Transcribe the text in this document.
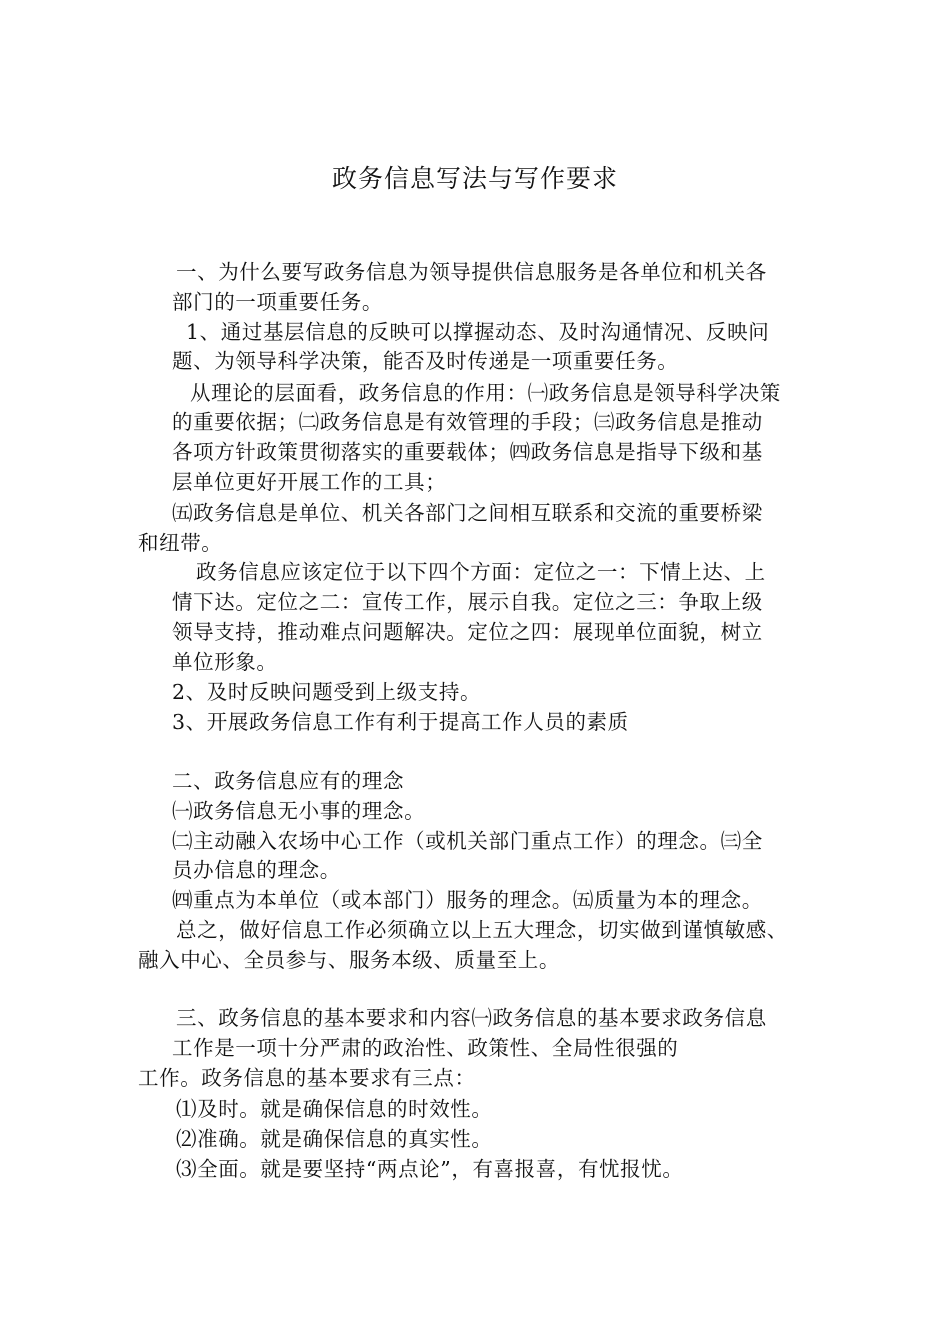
政务信息写法与写作要求
一、为什么要写政务信息为领导提供信息服务是各单位和机关各
部门的一项重要任务。
1、通过基层信息的反映可以撑握动态、及时沟通情况、反映问
题、为领导科学决策，能否及时传递是一项重要任务。
从理论的层面看，政务信息的作用：㈠政务信息是领导科学决策
的重要依据；㈡政务信息是有效管理的手段；㈢政务信息是推动
各项方针政策贯彻落实的重要载体；㈣政务信息是指导下级和基
层单位更好开展工作的工具；
㈤政务信息是单位、机关各部门之间相互联系和交流的重要桥梁
和纽带。
政务信息应该定位于以下四个方面：定位之一：下情上达、上
情下达。定位之二：宣传工作，展示自我。定位之三：争取上级
领导支持，推动难点问题解决。定位之四：展现单位面貌，树立
单位形象。
2、及时反映问题受到上级支持。
3、开展政务信息工作有利于提高工作人员的素质
二、政务信息应有的理念
㈠政务信息无小事的理念。
㈡主动融入农场中心工作（或机关部门重点工作）的理念。㈢全
员办信息的理念。
㈣重点为本单位（或本部门）服务的理念。㈤质量为本的理念。
总之，做好信息工作必须确立以上五大理念，切实做到谨慎敏感、
融入中心、全员参与、服务本级、质量至上。
三、政务信息的基本要求和内容㈠政务信息的基本要求政务信息
工作是一项十分严肃的政治性、政策性、全局性很强的
工作。政务信息的基本要求有三点：
⑴及时。就是确保信息的时效性。
⑵准确。就是确保信息的真实性。
⑶全面。就是要坚持“两点论”，有喜报喜，有忧报忧。
